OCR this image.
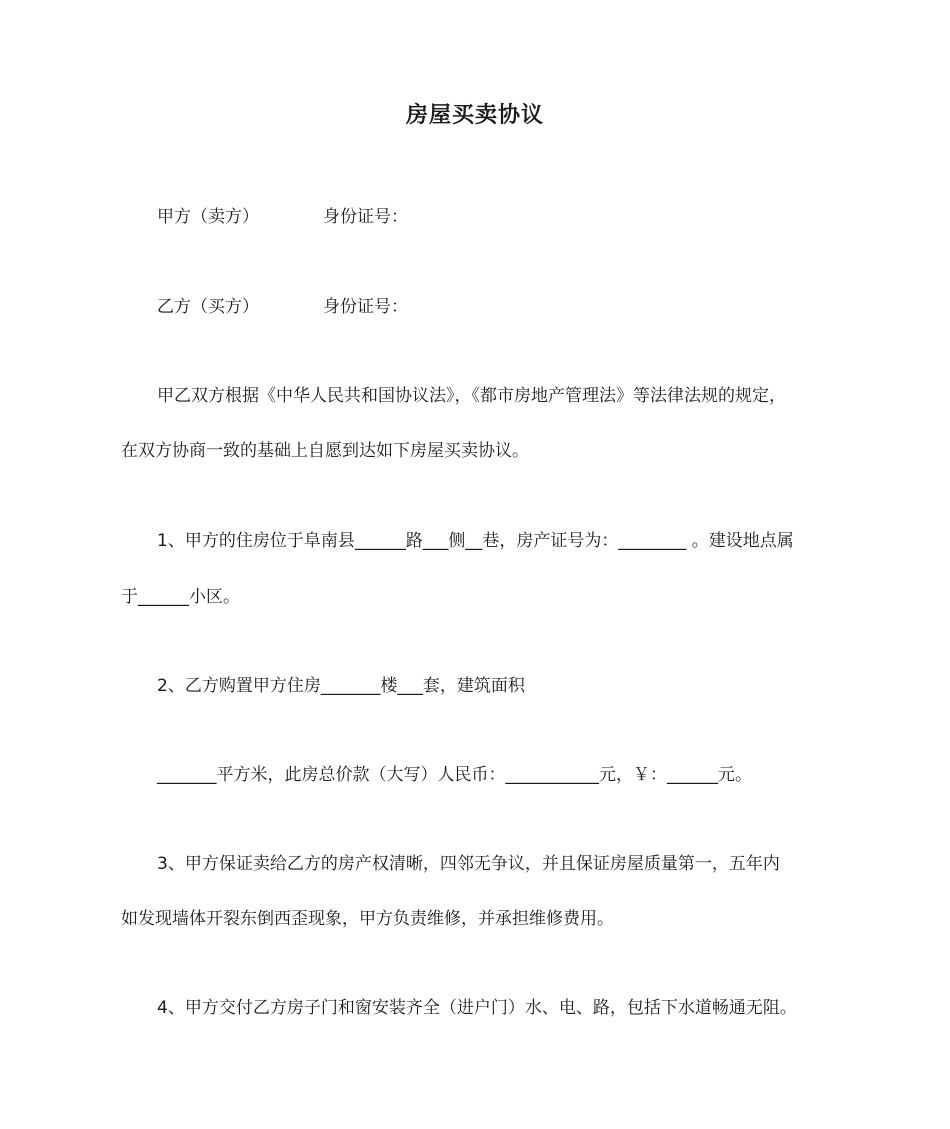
房屋买卖协议
甲方（卖方）	身份证号：
乙方（买方）	身份证号：
甲乙双方根据《中华人民共和国协议法》，《都市房地产管理法》等法律法规的规定，
在双方协商一致的基础上自愿到达如下房屋买卖协议。
1、甲方的住房位于阜南县______路___侧__巷，房产证号为：________ 。建设地点属
于______小区。
2、乙方购置甲方住房_______楼___套，建筑面积
_______平方米，此房总价款（大写）人民币：___________元，￥：______元。
3、甲方保证卖给乙方的房产权清晰，四邻无争议，并且保证房屋质量第一，五年内
如发现墙体开裂东倒西歪现象，甲方负责维修，并承担维修费用。
4、甲方交付乙方房子门和窗安装齐全（进户门）水、电、路，包括下水道畅通无阻。
